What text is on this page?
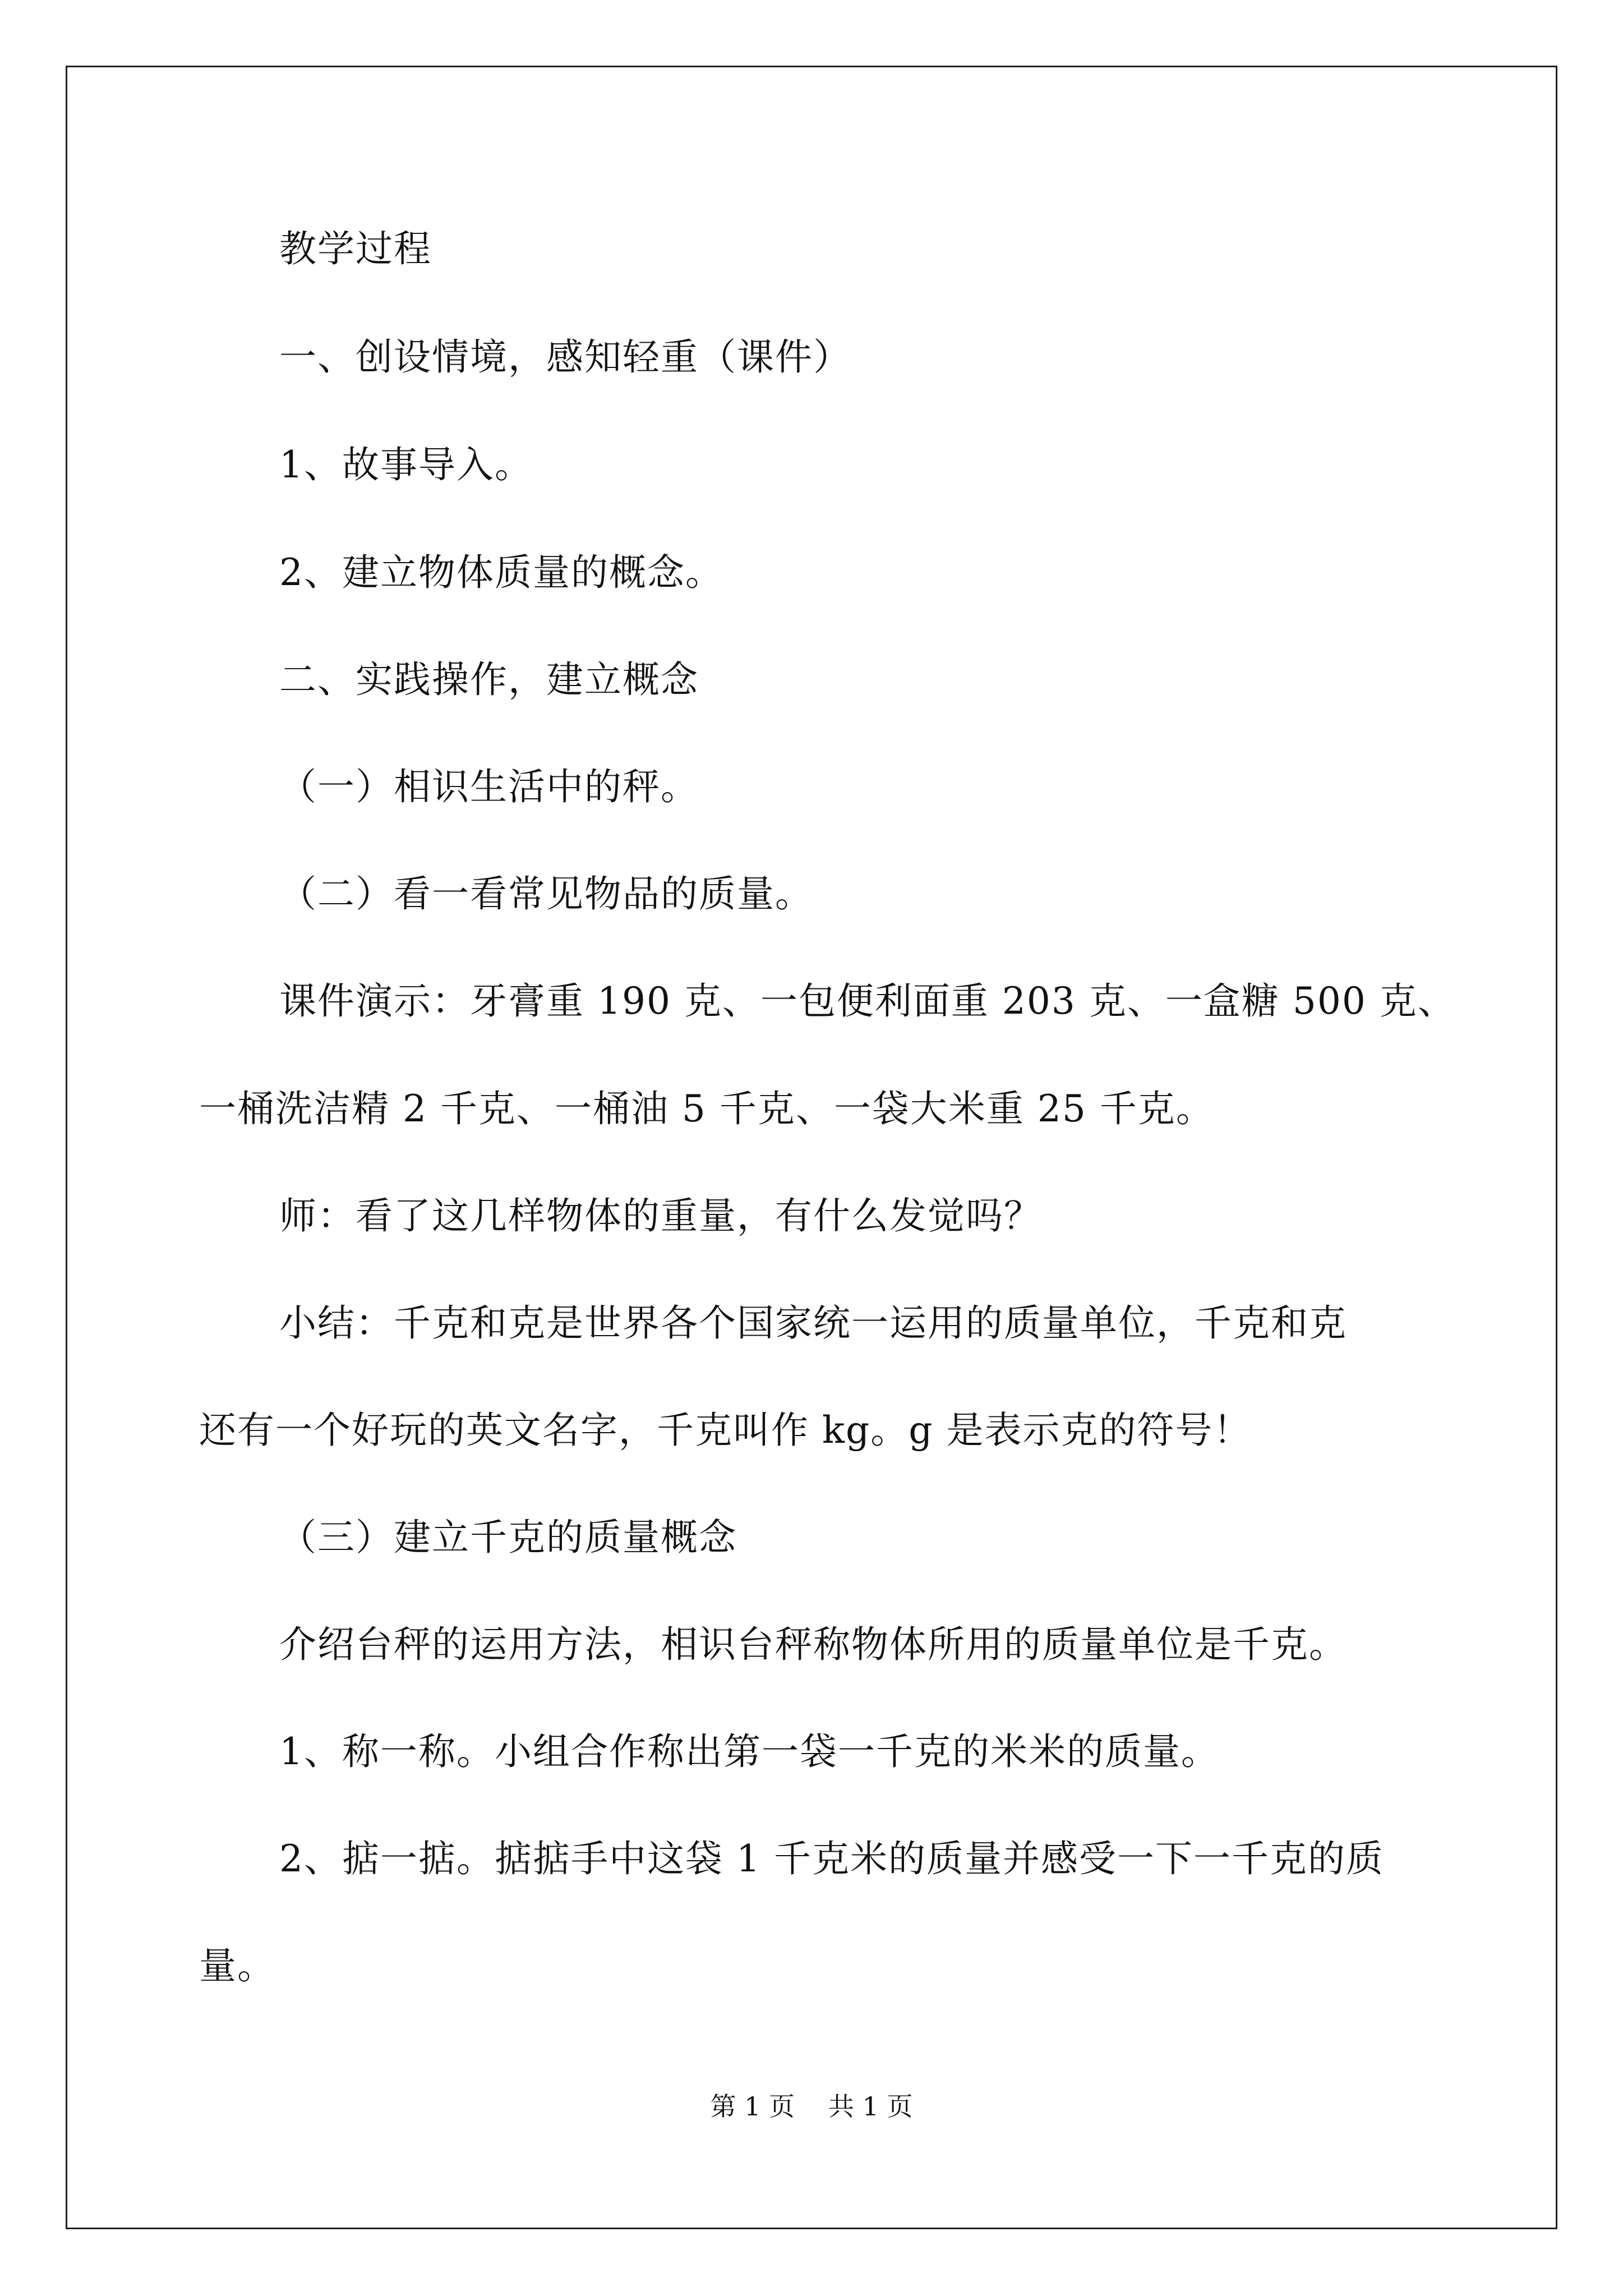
教学过程
一、创设情境，感知轻重（课件）
1、故事导入。
2、建立物体质量的概念。
二、实践操作，建立概念
（一）相识生活中的秤。
（二）看一看常见物品的质量。
课件演示：牙膏重 190 克、一包便利面重 203 克、一盒糖 500 克、
一桶洗洁精 2 千克、一桶油 5 千克、一袋大米重 25 千克。
师：看了这几样物体的重量，有什么发觉吗？
小结：千克和克是世界各个国家统一运用的质量单位，千克和克
还有一个好玩的英文名字，千克叫作 kg。g 是表示克的符号！
（三）建立千克的质量概念
介绍台秤的运用方法，相识台秤称物体所用的质量单位是千克。
1、称一称。小组合作称出第一袋一千克的米米的质量。
2、掂一掂。掂掂手中这袋 1 千克米的质量并感受一下一千克的质
量。
第 1 页 共 1 页
